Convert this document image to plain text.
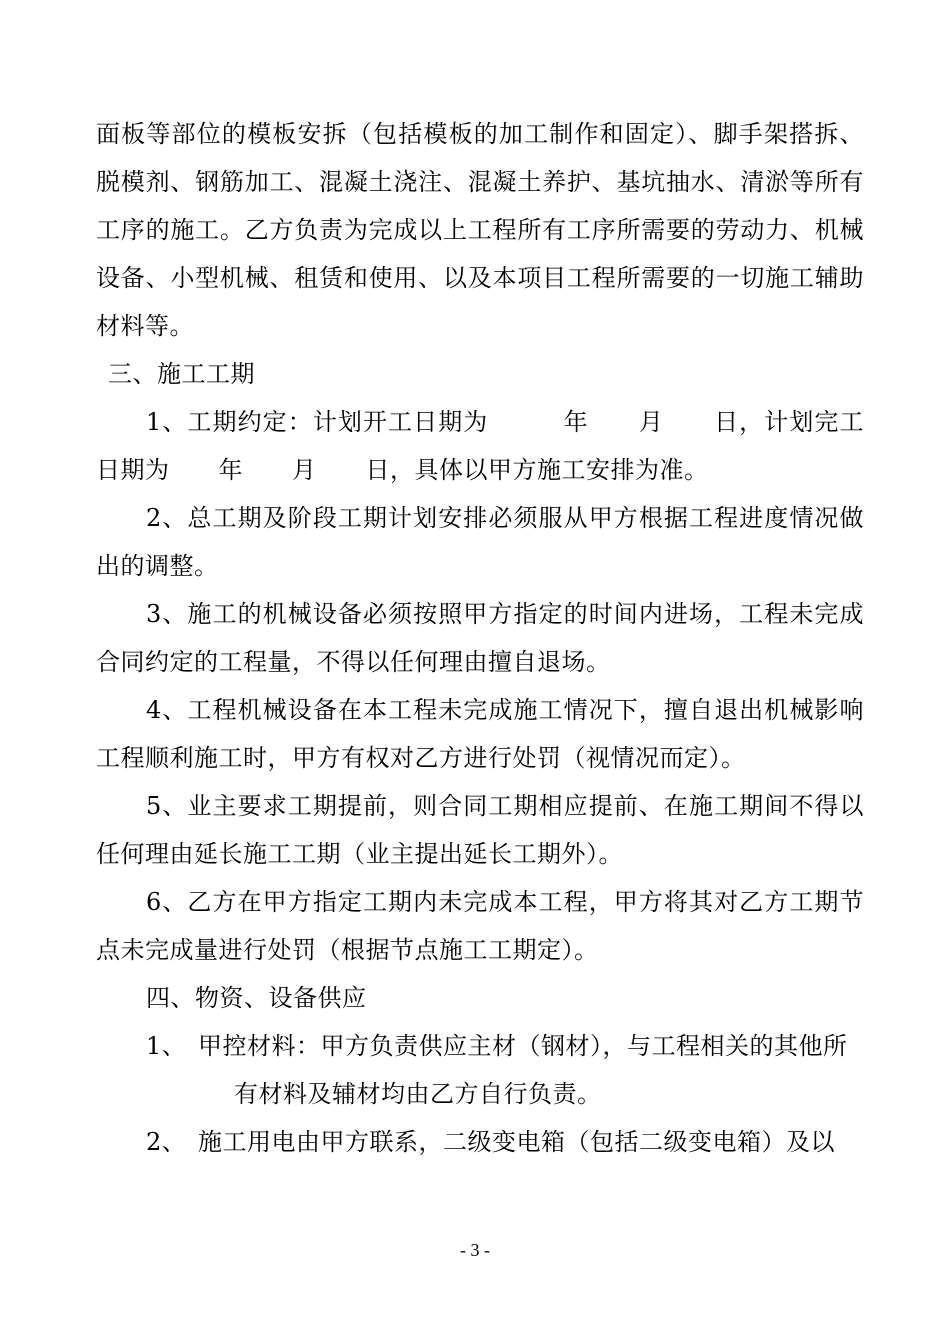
面板等部位的模板安拆（包括模板的加工制作和固定）、脚手架搭拆、脱模剂、钢筋加工、混凝土浇注、混凝土养护、基坑抽水、清淤等所有工序的施工。乙方负责为完成以上工程所有工序所需要的劳动力、机械设备、小型机械、租赁和使用、以及本项目工程所需要的一切施工辅助材料等。

三、施工工期

1、工期约定：计划开工日期为　　　年　　月　　日，计划完工日期为　　年　　月　　日，具体以甲方施工安排为准。

2、总工期及阶段工期计划安排必须服从甲方根据工程进度情况做出的调整。

3、施工的机械设备必须按照甲方指定的时间内进场，工程未完成合同约定的工程量，不得以任何理由擅自退场。

4、工程机械设备在本工程未完成施工情况下，擅自退出机械影响工程顺利施工时，甲方有权对乙方进行处罚（视情况而定）。

5、业主要求工期提前，则合同工期相应提前、在施工期间不得以任何理由延长施工工期（业主提出延长工期外）。

6、乙方在甲方指定工期内未完成本工程，甲方将其对乙方工期节点未完成量进行处罚（根据节点施工工期定）。

四、物资、设备供应

1、 甲控材料：甲方负责供应主材（钢材），与工程相关的其他所

有材料及辅材均由乙方自行负责。

2、 施工用电由甲方联系，二级变电箱（包括二级变电箱）及以

- 3 -
